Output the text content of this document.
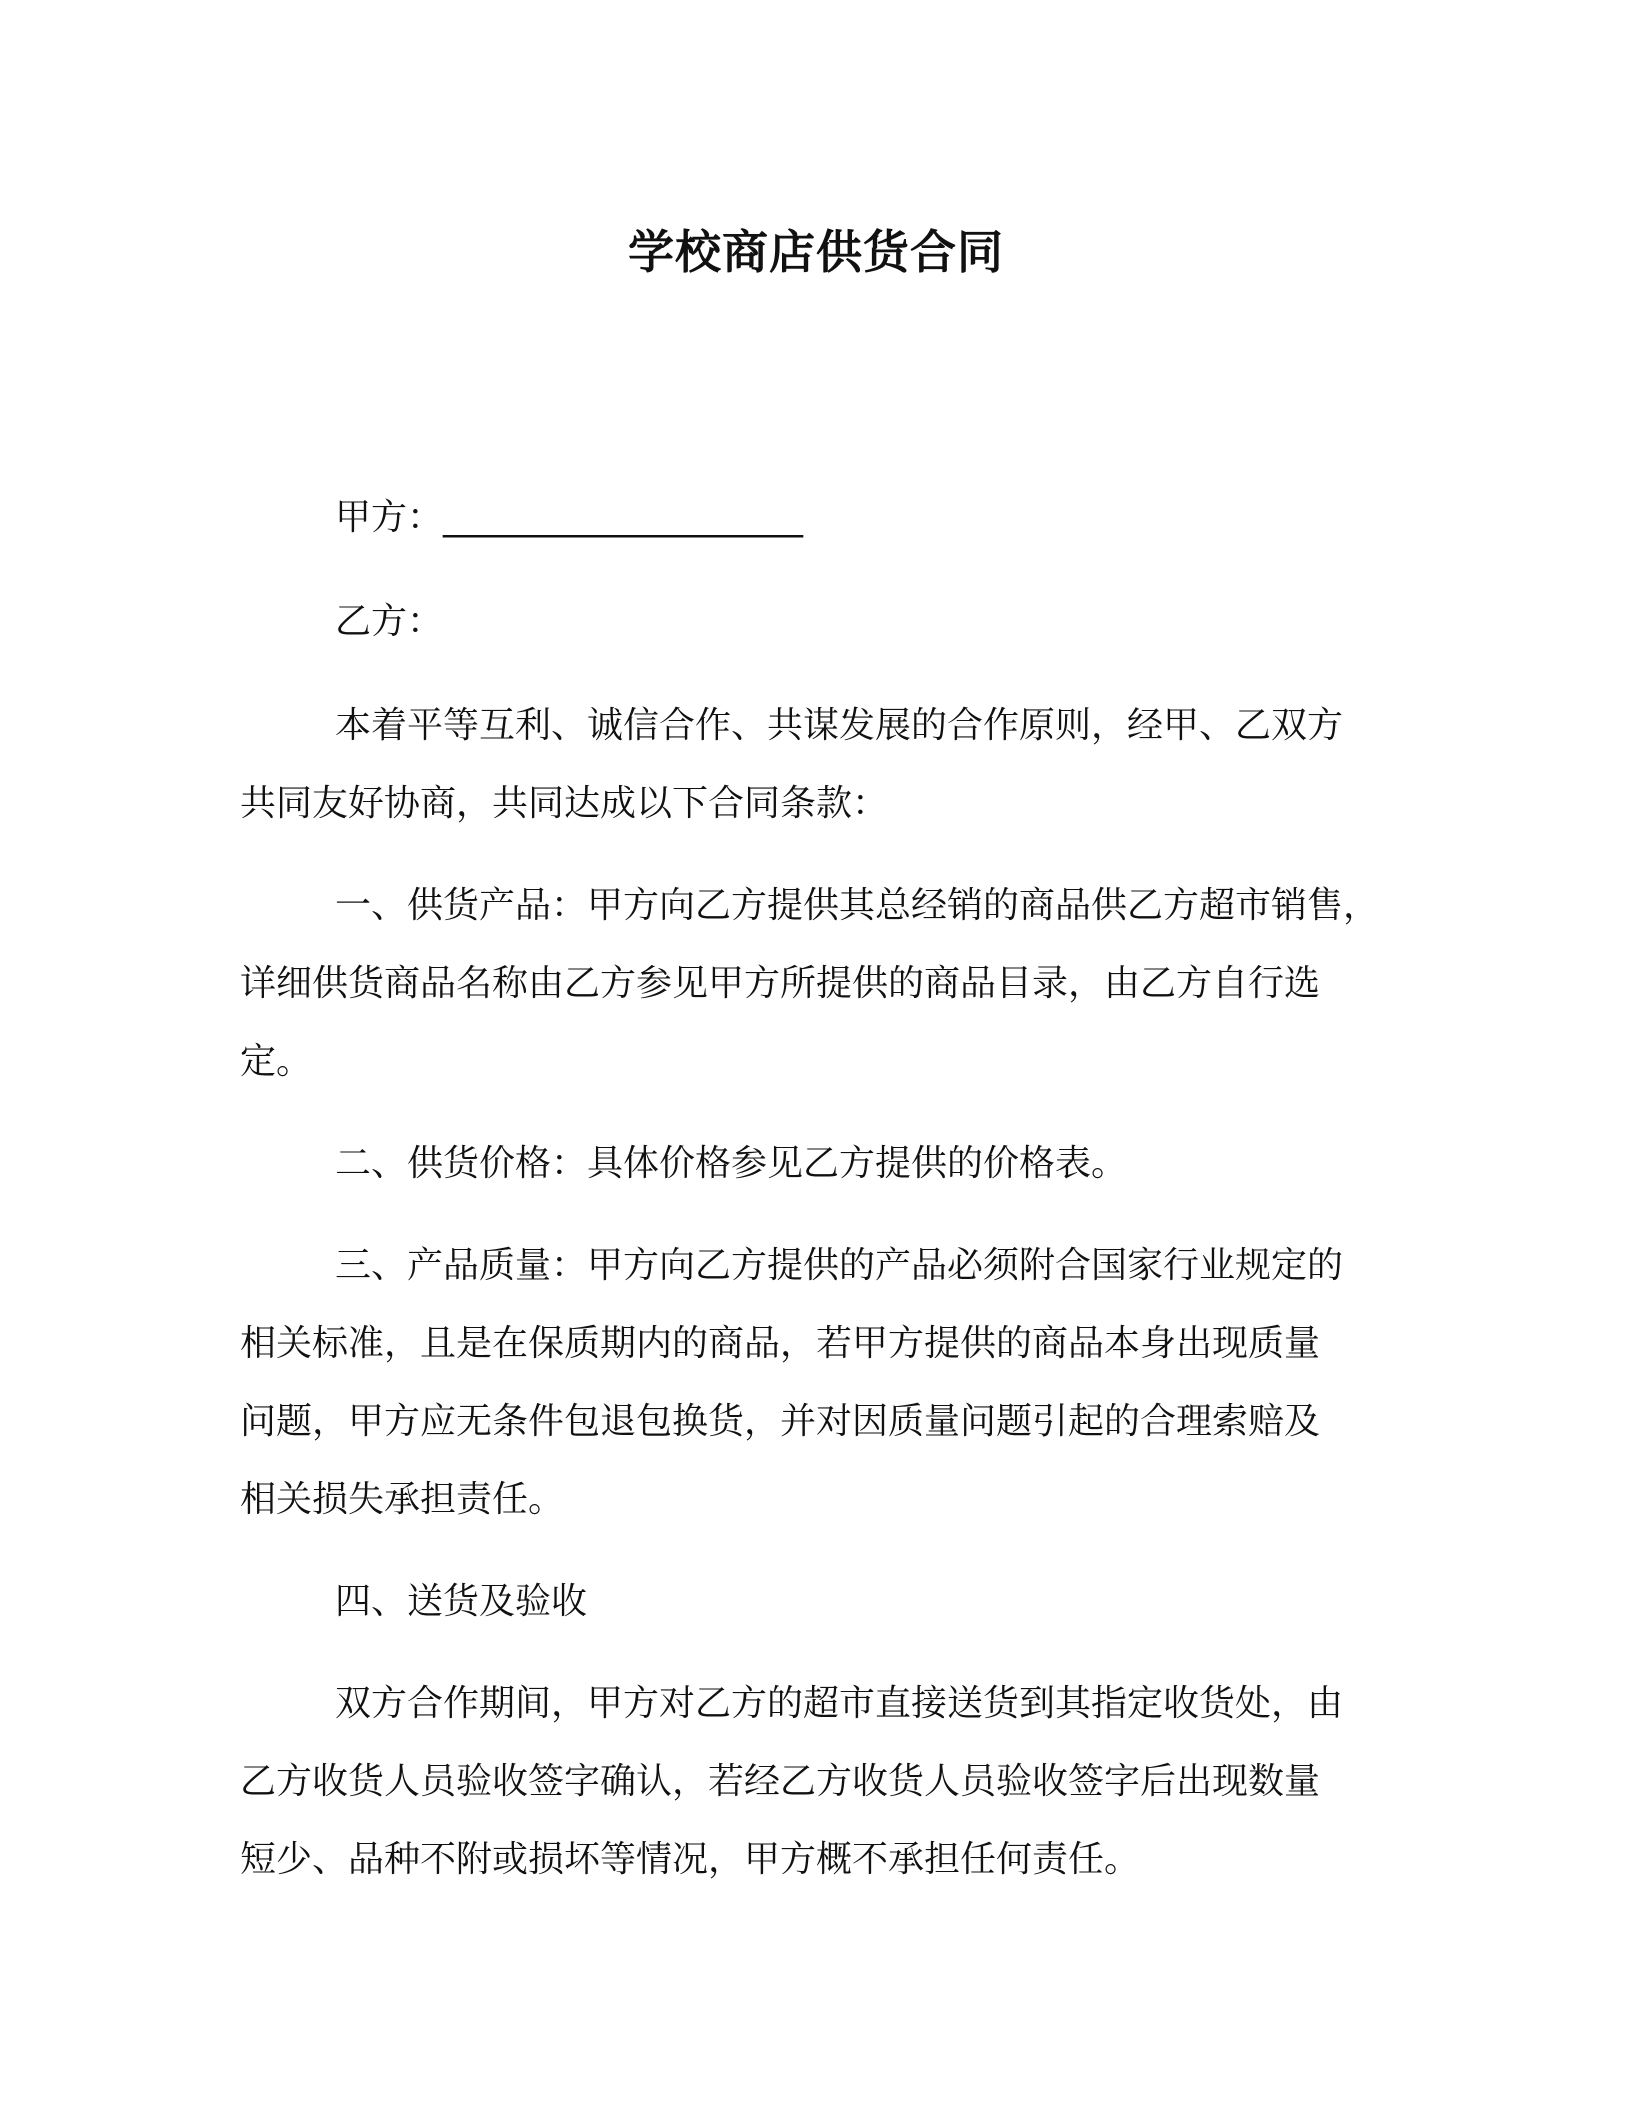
学校商店供货合同
甲方：____________________
乙方：
本着平等互利、诚信合作、共谋发展的合作原则，经甲、乙双方
共同友好协商，共同达成以下合同条款：
一、供货产品：甲方向乙方提供其总经销的商品供乙方超市销售，
详细供货商品名称由乙方参见甲方所提供的商品目录，由乙方自行选
定。
二、供货价格：具体价格参见乙方提供的价格表。
三、产品质量：甲方向乙方提供的产品必须附合国家行业规定的
相关标准，且是在保质期内的商品，若甲方提供的商品本身出现质量
问题，甲方应无条件包退包换货，并对因质量问题引起的合理索赔及
相关损失承担责任。
四、送货及验收
双方合作期间，甲方对乙方的超市直接送货到其指定收货处，由
乙方收货人员验收签字确认，若经乙方收货人员验收签字后出现数量
短少、品种不附或损坏等情况，甲方概不承担任何责任。
